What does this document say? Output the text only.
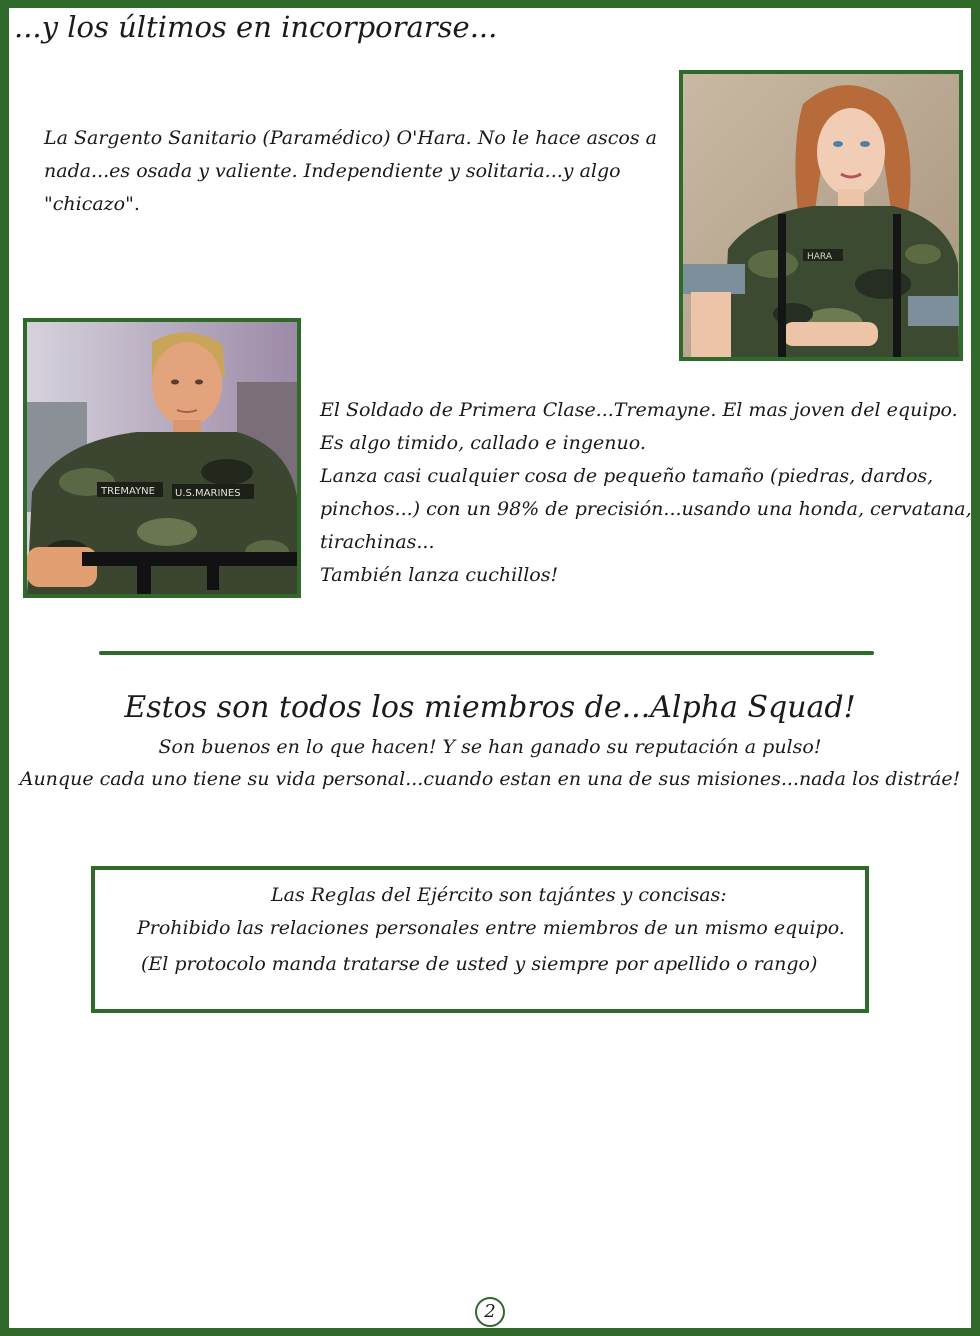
...y los últimos en incorporarse...
La Sargento Sanitario (Paramédico) O'Hara. No le hace ascos a
nada...es osada y valiente. Independiente y solitaria...y algo
"chicazo".
HARA
TREMAYNE U.S.MARINES
El Soldado de Primera Clase...Tremayne. El mas joven del equipo.
Es algo timido, callado e ingenuo.
Lanza casi cualquier cosa de pequeño tamaño (piedras, dardos,
pinchos...) con un 98% de precisión...usando una honda, cervatana,
tirachinas...
También lanza cuchillos!
Estos son todos los miembros de...Alpha Squad!
Son buenos en lo que hacen! Y se han ganado su reputación a pulso!
Aunque cada uno tiene su vida personal...cuando estan en una de sus misiones...nada los distráe!
Las Reglas del Ejército son tajántes y concisas:
Prohibido las relaciones personales entre miembros de un mismo equipo.
(El protocolo manda tratarse de usted y siempre por apellido o rango)
2
